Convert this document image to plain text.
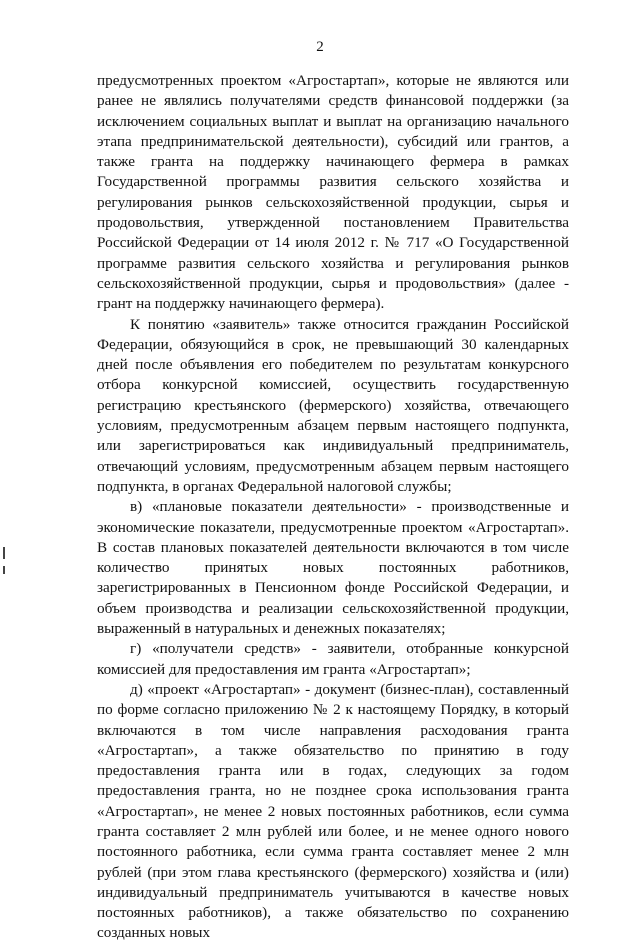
2

предусмотренных проектом «Агростартап», которые не являются или ранее не являлись получателями средств финансовой поддержки (за исключением социальных выплат и выплат на организацию начального этапа предпринимательской деятельности), субсидий или грантов, а также гранта на поддержку начинающего фермера в рамках Государственной программы развития сельского хозяйства и регулирования рынков сельскохозяйственной продукции, сырья и продовольствия, утвержденной постановлением Правительства Российской Федерации от 14 июля 2012 г. № 717 «О Государственной программе развития сельского хозяйства и регулирования рынков сельскохозяйственной продукции, сырья и продовольствия» (далее - грант на поддержку начинающего фермера).

К понятию «заявитель» также относится гражданин Российской Федерации, обязующийся в срок, не превышающий 30 календарных дней после объявления его победителем по результатам конкурсного отбора конкурсной комиссией, осуществить государственную регистрацию крестьянского (фермерского) хозяйства, отвечающего условиям, предусмотренным абзацем первым настоящего подпункта, или зарегистрироваться как индивидуальный предприниматель, отвечающий условиям, предусмотренным абзацем первым настоящего подпункта, в органах Федеральной налоговой службы;

в) «плановые показатели деятельности» - производственные и экономические показатели, предусмотренные проектом «Агростартап». В состав плановых показателей деятельности включаются в том числе количество принятых новых постоянных работников, зарегистрированных в Пенсионном фонде Российской Федерации, и объем производства и реализации сельскохозяйственной продукции, выраженный в натуральных и денежных показателях;

г) «получатели средств» - заявители, отобранные конкурсной комиссией для предоставления им гранта «Агростартап»;

д) «проект «Агростартап» - документ (бизнес-план), составленный по форме согласно приложению № 2 к настоящему Порядку, в который включаются в том числе направления расходования гранта «Агростартап», а также обязательство по принятию в году предоставления гранта или в годах, следующих за годом предоставления гранта, но не позднее срока использования гранта «Агростартап», не менее 2 новых постоянных работников, если сумма гранта составляет 2 млн рублей или более, и не менее одного нового постоянного работника, если сумма гранта составляет менее 2 млн рублей (при этом глава крестьянского (фермерского) хозяйства и (или) индивидуальный предприниматель учитываются в качестве новых постоянных работников), а также обязательство по сохранению созданных новых
